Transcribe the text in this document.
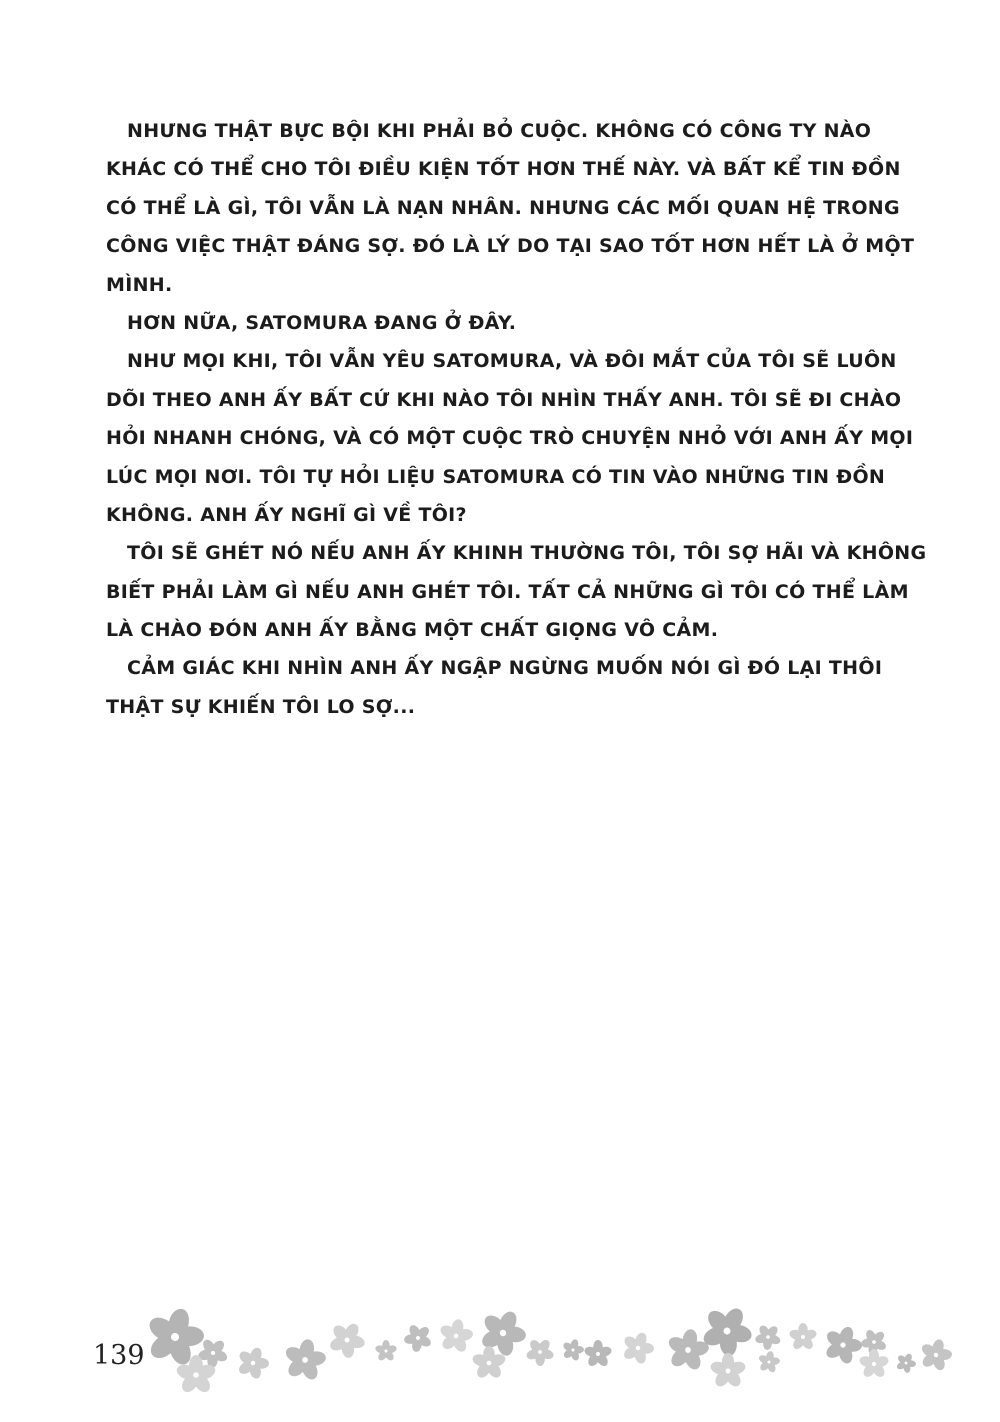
NHƯNG THẬT BỰC BỘI KHI PHẢI BỎ CUỘC. KHÔNG CÓ CÔNG TY NÀO
KHÁC CÓ THỂ CHO TÔI ĐIỀU KIỆN TỐT HƠN THẾ NÀY. VÀ BẤT KỂ TIN ĐỒN
CÓ THỂ LÀ GÌ, TÔI VẪN LÀ NẠN NHÂN. NHƯNG CÁC MỐI QUAN HỆ TRONG
CÔNG VIỆC THẬT ĐÁNG SỢ. ĐÓ LÀ LÝ DO TẠI SAO TỐT HƠN HẾT LÀ Ở MỘT
MÌNH.
HƠN NỮA, SATOMURA ĐANG Ở ĐÂY.
NHƯ MỌI KHI, TÔI VẪN YÊU SATOMURA, VÀ ĐÔI MẮT CỦA TÔI SẼ LUÔN
DÕI THEO ANH ẤY BẤT CỨ KHI NÀO TÔI NHÌN THẤY ANH. TÔI SẼ ĐI CHÀO
HỎI NHANH CHÓNG, VÀ CÓ MỘT CUỘC TRÒ CHUYỆN NHỎ VỚI ANH ẤY MỌI
LÚC MỌI NƠI. TÔI TỰ HỎI LIỆU SATOMURA CÓ TIN VÀO NHỮNG TIN ĐỒN
KHÔNG. ANH ẤY NGHĨ GÌ VỀ TÔI?
TÔI SẼ GHÉT NÓ NẾU ANH ẤY KHINH THƯỜNG TÔI, TÔI SỢ HÃI VÀ KHÔNG
BIẾT PHẢI LÀM GÌ NẾU ANH GHÉT TÔI. TẤT CẢ NHỮNG GÌ TÔI CÓ THỂ LÀM
LÀ CHÀO ĐÓN ANH ẤY BẰNG MỘT CHẤT GIỌNG VÔ CẢM.
CẢM GIÁC KHI NHÌN ANH ẤY NGẬP NGỪNG MUỐN NÓI GÌ ĐÓ LẠI THÔI
THẬT SỰ KHIẾN TÔI LO SỢ...
139
